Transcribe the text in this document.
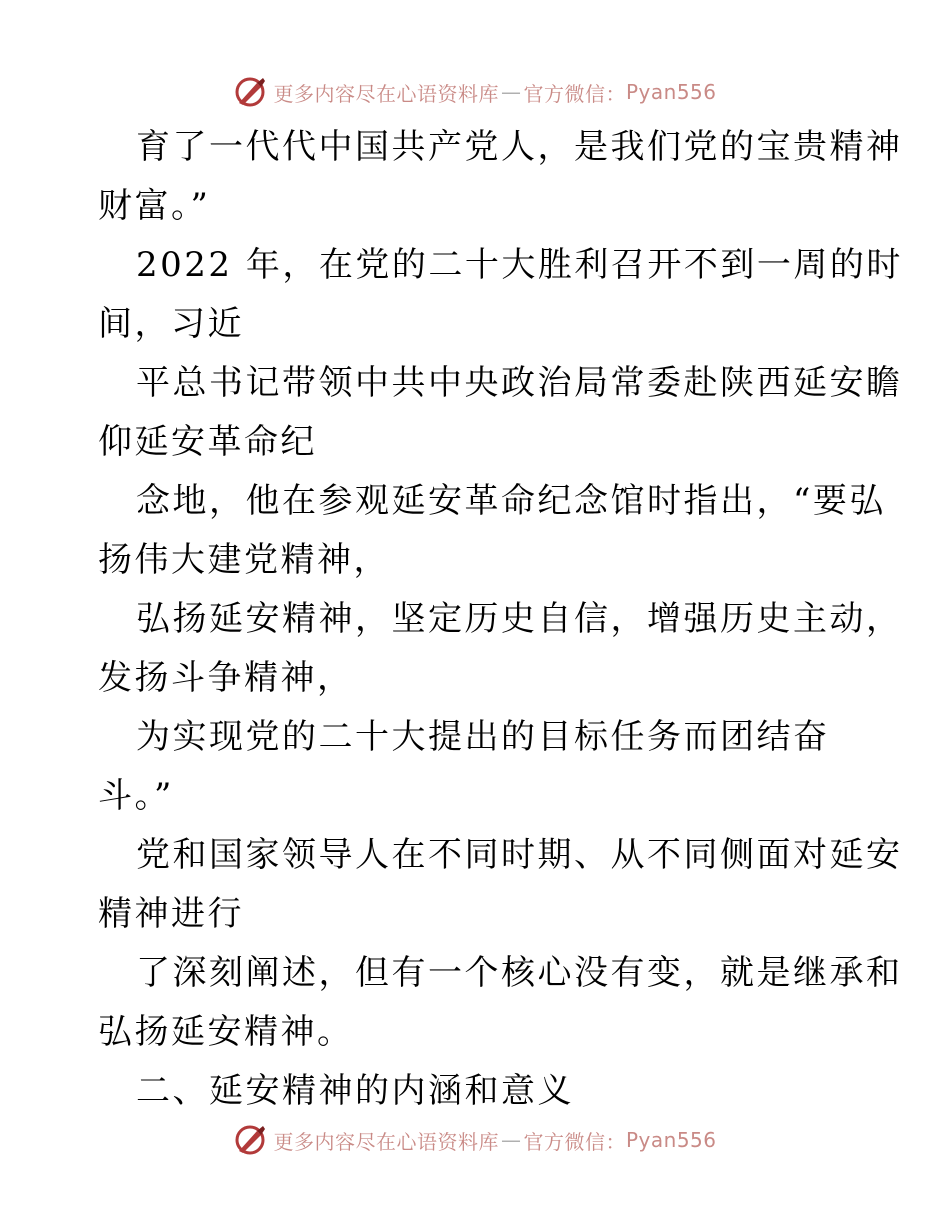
更多内容尽在心语资料库 — 官方微信： Pyan556
育了一代代中国共产党人，是我们党的宝贵精神
财富。”
2022 年，在党的二十大胜利召开不到一周的时
间，习近
平总书记带领中共中央政治局常委赴陕西延安瞻
仰延安革命纪
念地，他在参观延安革命纪念馆时指出，“要弘
扬伟大建党精神，
弘扬延安精神，坚定历史自信，增强历史主动，
发扬斗争精神，
为实现党的二十大提出的目标任务而团结奋
斗。”
党和国家领导人在不同时期、从不同侧面对延安
精神进行
了深刻阐述，但有一个核心没有变，就是继承和
弘扬延安精神。
二、延安精神的内涵和意义
更多内容尽在心语资料库 — 官方微信： Pyan556
